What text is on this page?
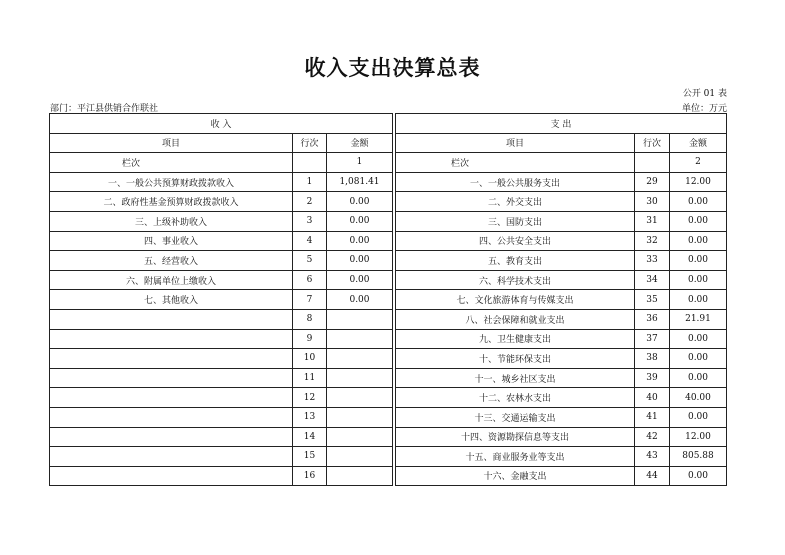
收入支出决算总表
公开 01 表
部门：平江县供销合作联社	单位：万元
收 入				支 出		
项目	行次	金额		项目	行次	金额
栏次		1		栏次		2
一、一般公共预算财政拨款收入	1	1,081.41		一、一般公共服务支出	29	12.00
二、政府性基金预算财政拨款收入	2	0.00		二、外交支出	30	0.00
三、上级补助收入	3	0.00		三、国防支出	31	0.00
四、事业收入	4	0.00		四、公共安全支出	32	0.00
五、经营收入	5	0.00		五、教育支出	33	0.00
六、附属单位上缴收入	6	0.00		六、科学技术支出	34	0.00
七、其他收入	7	0.00		七、文化旅游体育与传媒支出	35	0.00
	8			八、社会保障和就业支出	36	21.91
	9			九、卫生健康支出	37	0.00
	10			十、节能环保支出	38	0.00
	11			十一、城乡社区支出	39	0.00
	12			十二、农林水支出	40	40.00
	13			十三、交通运输支出	41	0.00
	14			十四、资源勘探信息等支出	42	12.00
	15			十五、商业服务业等支出	43	805.88
	16			十六、金融支出	44	0.00
